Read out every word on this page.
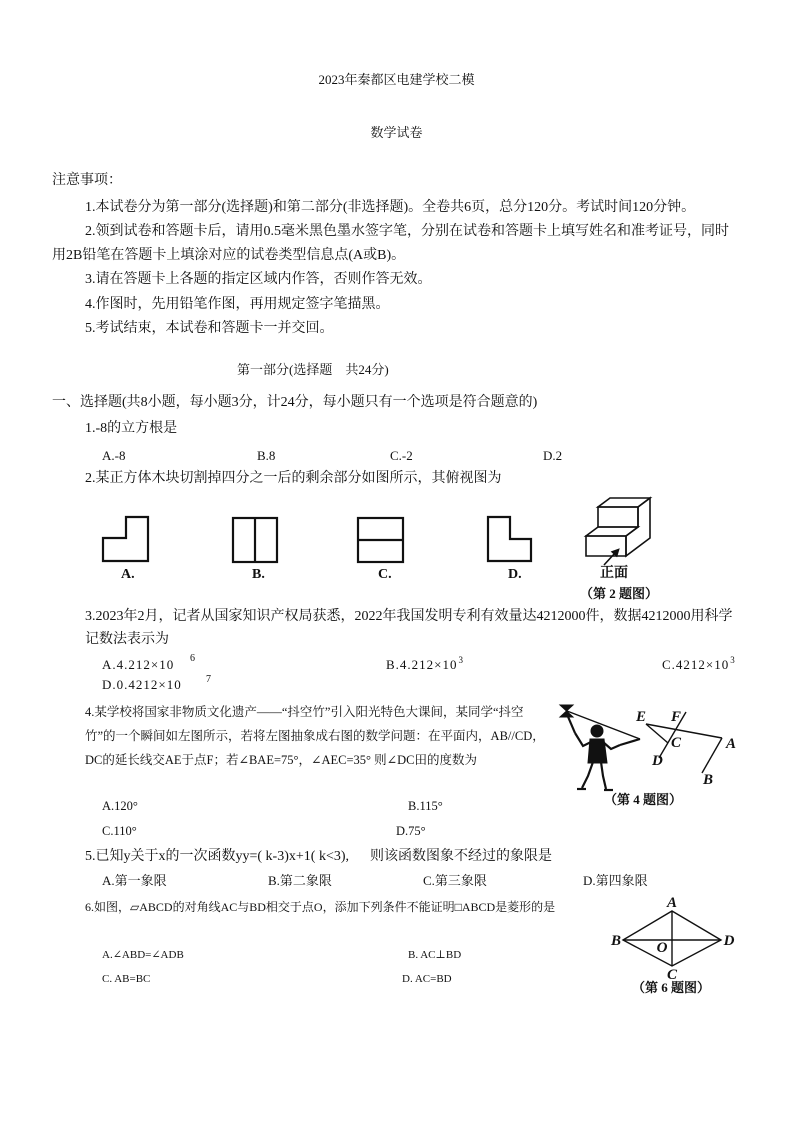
2023年秦都区电建学校二模
数学试卷
注意事项：
1.本试卷分为第一部分(选择题)和第二部分(非选择题)。全卷共6页，总分120分。考试时间120分钟。
2.领到试卷和答题卡后，请用0.5毫米黑色墨水签字笔，分别在试卷和答题卡上填写姓名和准考证号，同时
用2B铅笔在答题卡上填涂对应的试卷类型信息点(A或B)。
3.请在答题卡上各题的指定区域内作答，否则作答无效。
4.作图时，先用铅笔作图，再用规定签字笔描黑。
5.考试结束，本试卷和答题卡一并交回。
第一部分(选择题    共24分)
一、选择题(共8小题，每小题3分，计24分，每小题只有一个选项是符合题意的)
1.-8的立方根是
A.-8	B.8	C.-2	D.2
2.某正方体木块切割掉四分之一后的剩余部分如图所示，其俯视图为
A.	B.	C.	D.	正面
（第 2 题图）
3.2023年2月，记者从国家知识产权局获悉，2022年我国发明专利有效量达4212000件，数据4212000用科学
记数法表示为
A.4.212×10 6	$B.4.212\times 10^3$	$C.4212\times 10^3$
D.0.4212×10 7
4.某学校将国家非物质文化遗产——“抖空竹”引入阳光特色大课间，某同学“抖空
竹”的一个瞬间如左图所示，若将左图抽象成右图的数学问题：在平面内，AB//CD，
DC的延长线交AE于点F；若∠BAE=75°，∠AEC=35° 则∠DC田的度数为
E F
C
D
A
B
（第 4 题图）
A.120°	B.115°
C.110°	D.75°
5.已知y关于x的一次函数yy=( k-3)x+1( k<3),      则该函数图象不经过的象限是
A.第一象限	B.第二象限	C.第三象限	D.第四象限
6.如图，▱ABCD的对角线AC与BD相交于点O，添加下列条件不能证明□ABCD是菱形的是	A
B	D
O
C
（第 6 题图）
A.∠ABD=∠ADB	B. AC⊥BD
C. AB=BC	D. AC=BD
